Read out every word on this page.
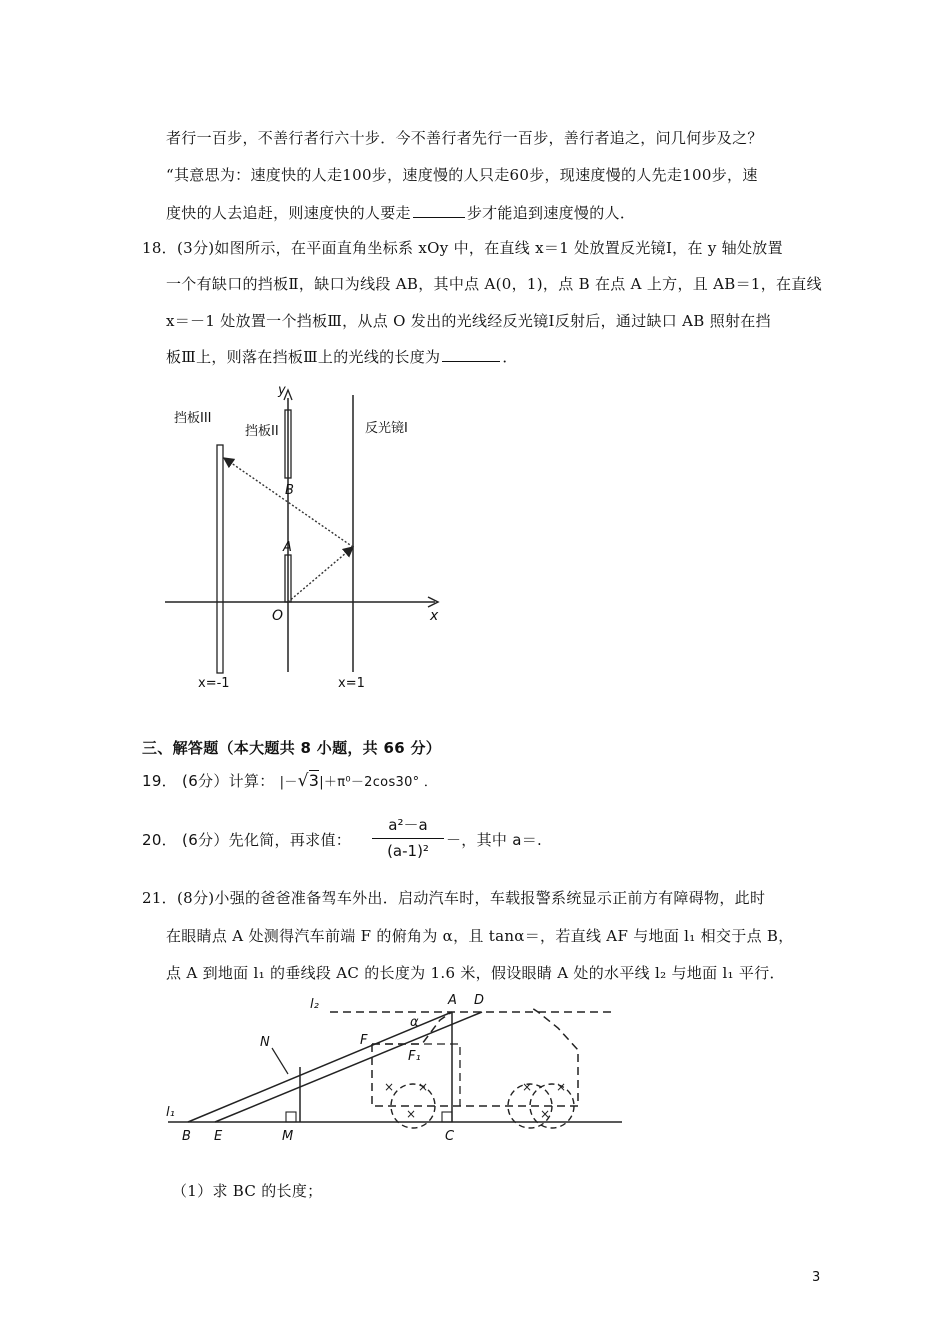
者行一百步，不善行者行六十步．今不善行者先行一百步，善行者追之，问几何步及之？
“其意思为：速度快的人走100步，速度慢的人只走60步，现速度慢的人先走100步，速
度快的人去追赶，则速度快的人要走	步才能追到速度慢的人．
18．(3分)如图所示，在平面直角坐标系 xOy 中，在直线 x＝1 处放置反光镜Ⅰ，在 y 轴处放置
一个有缺口的挡板Ⅱ，缺口为线段 AB，其中点 A(0，1)，点 B 在点 A 上方，且 AB＝1，在直线
x＝－1 处放置一个挡板Ⅲ，从点 O 发出的光线经反光镜Ⅰ反射后，通过缺口 AB 照射在挡
板Ⅲ上，则落在挡板Ⅲ上的光线的长度为	．
挡板III
挡板II	反光镜I
y
B
A
O	x
x=-1	x=1
三、解答题（本大题共 8 小题，共 66 分）
19． (6分）计算： |－√3|＋π⁰－2cos30° ．
20． (6分）先化简，再求值： $\frac{\text{a²－a}}{\text{(a-1)²}}$ －，其中 a＝.
21．(8分)小强的爸爸准备驾车外出．启动汽车时，车载报警系统显示正前方有障碍物，此时
在眼睛点 A 处测得汽车前端 F 的俯角为 α，且 tanα＝，若直线 AF 与地面 l₁ 相交于点 B，
点 A 到地面 l₁ 的垂线段 AC 的长度为 1.6 米，假设眼睛 A 处的水平线 l₂ 与地面 l₁ 平行．
× ×
×
× ×
×
l₂
l₁
A D
α
F
F₁
N
B E	M	C
（1）求 BC 的长度；
3
